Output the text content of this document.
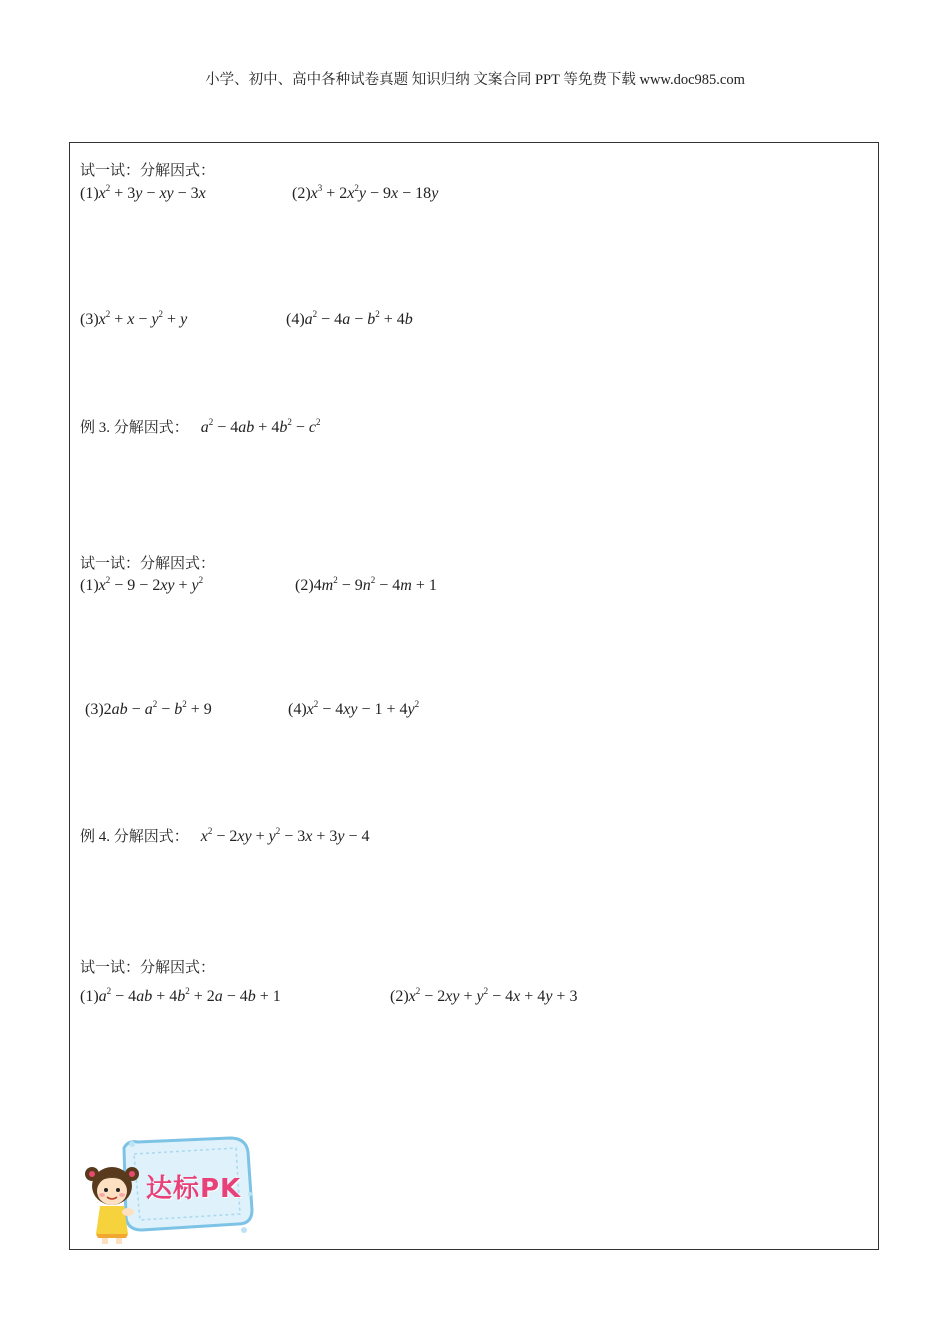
小学、初中、高中各种试卷真题 知识归纳 文案合同 PPT 等免费下载 www.doc985.com
试一试：分解因式：
$(1)x^2 + 3y$ − xy − 3x	$(2)x^3 + 2x^2y - 9x - 18y$
$(3)x^2 + x - y^2 + y$	$(4)a^2 - 4a - b^2 + 4b$
例 3. 分解因式： $a^2 - 4ab + 4b^2 - c^2$
试一试：分解因式：
$(1)x^2 - 9 - 2xy + y^2$	$(2)4m^2 - 9n^2 - 4m + 1$
$(3)2ab - a^2 - b^2 + 9$	$(4)x^2 - 4xy - 1 + 4y^2$
例 4. 分解因式： $x^2 - 2xy + y^2 - 3x + 3y - 4$
试一试：分解因式：
$(1)a^2 - 4ab + 4b^2 + 2a - 4b + 1$	$(2)x^2 - 2xy + y^2 - 4x + 4y + 3$
达标PK
